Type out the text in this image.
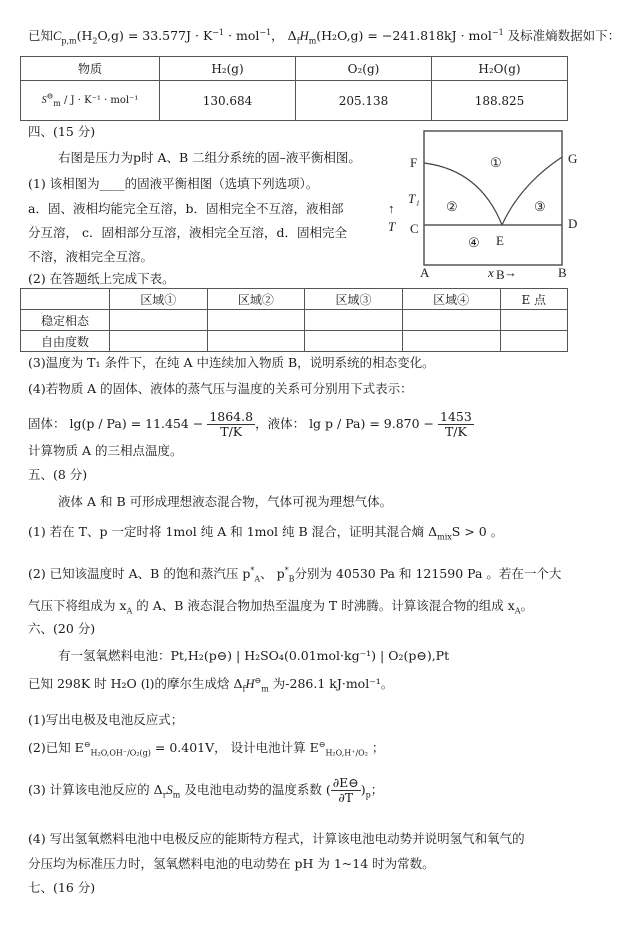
已知$C_{p,m}(H_2O,g) = 33.577J \cdot K^{-1} \cdot mol^{-1}$， $\Delta_fH_m(H_2O,g) = -241.818kJ \cdot mol^{-1}$ 及标准熵数据如下：
物质	H₂(g)	O₂(g)	H₂O(g)
$S^⊖_m / J \cdot K^{-1} \cdot mol^{-1}$	130.684	205.138	188.825
四、(15 分)
右图是压力为p时 A、B 二组分系统的固–液平衡相图。
(1) 该相图为____的固液平衡相图（选填下列选项）。
a．固、液相均能完全互溶，b．固相完全不互溶，液相部
分互溶， c．固相部分互溶，液相完全互溶，d．固相完全
不溶，液相完全互溶。
(2) 在答题纸上完成下表。
F	G
C	D
E
T₁
↑
T
A	B
x B →
①
②	③
④
	区域①	区域②	区域③	区域④	E 点
稳定相态					
自由度数					
(3)温度为 T₁ 条件下，在纯 A 中连续加入物质 B，说明系统的相态变化。
(4)若物质 A 的固体、液体的蒸气压与温度的关系可分别用下式表示：
固体： $\lg(p / Pa) = 11.454 - \frac{1864.8}{T/K}$ ，液体： $\lg p / Pa) = 9.870 - \frac{1453}{T/K}$
计算物质 A 的三相点温度。
五、(8 分)
液体 A 和 B 可形成理想液态混合物，气体可视为理想气体。
(1) 若在 T、p 一定时将 1mol 纯 A 和 1mol 纯 B 混合，证明其混合熵 $\Delta_{mix}S > 0$ 。
(2) 已知该温度时 A、B 的饱和蒸汽压 $p^*_A$、 $p^*_B$分别为 40530 Pa 和 121590 Pa 。若在一个大
气压下将组成为 $x_A$ 的 A、B 液态混合物加热至温度为 T 时沸腾。计算该混合物的组成 $x_A$。
六、(20 分)
有一氢氧燃料电池：Pt,H₂(p⊖) | H₂SO₄(0.01mol·kg⁻¹) | O₂(p⊖),Pt
已知 298K 时 H₂O (l)的摩尔生成焓 $\Delta_fH^⊖_m$ 为-286.1 kJ·mol⁻¹。
(1)写出电极及电池反应式；
(2)已知 $E^⊖_{H_2O,OH^-/O_2(g)} = 0.401V$， 设计电池计算 $E^⊖_{H_2O,H^+/O_2}$ ；
(3) 计算该电池反应的 $\Delta_rS_m$ 及电池电动势的温度系数 ( $\frac{\partial E⊖}{\partial T} )_p$；
(4) 写出氢氧燃料电池中电极反应的能斯特方程式，计算该电池电动势并说明氢气和氧气的
分压均为标准压力时，氢氧燃料电池的电动势在 pH 为 1~14 时为常数。
七、(16 分)
